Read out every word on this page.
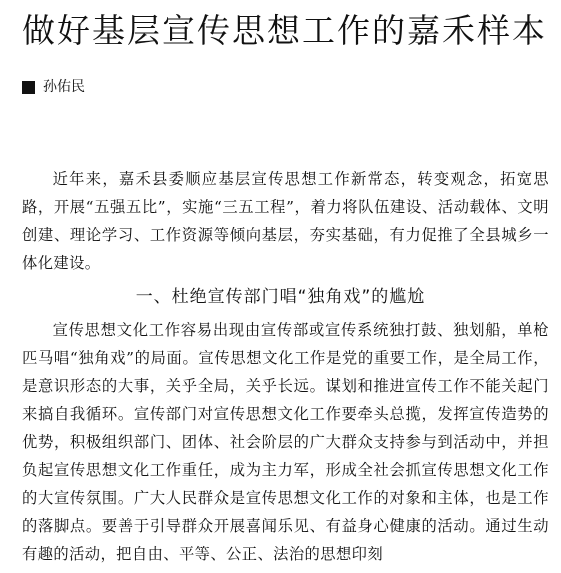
做好基层宣传思想工作的嘉禾样本
孙佑民

近年来，嘉禾县委顺应基层宣传思想工作新常态，转变观念，拓宽思路，开展“五强五比”，实施“三五工程”，着力将队伍建设、活动载体、文明创建、理论学习、工作资源等倾向基层，夯实基础，有力促推了全县城乡一体化建设。

一、杜绝宣传部门唱“独角戏”的尴尬

宣传思想文化工作容易出现由宣传部或宣传系统独打鼓、独划船，单枪匹马唱“独角戏”的局面。宣传思想文化工作是党的重要工作，是全局工作，是意识形态的大事，关乎全局，关乎长远。谋划和推进宣传工作不能关起门来搞自我循环。宣传部门对宣传思想文化工作要牵头总揽，发挥宣传造势的优势，积极组织部门、团体、社会阶层的广大群众支持参与到活动中，并担负起宣传思想文化工作重任，成为主力军，形成全社会抓宣传思想文化工作的大宣传氛围。广大人民群众是宣传思想文化工作的对象和主体，也是工作的落脚点。要善于引导群众开展喜闻乐见、有益身心健康的活动。通过生动有趣的活动，把自由、平等、公正、法治的思想印刻
